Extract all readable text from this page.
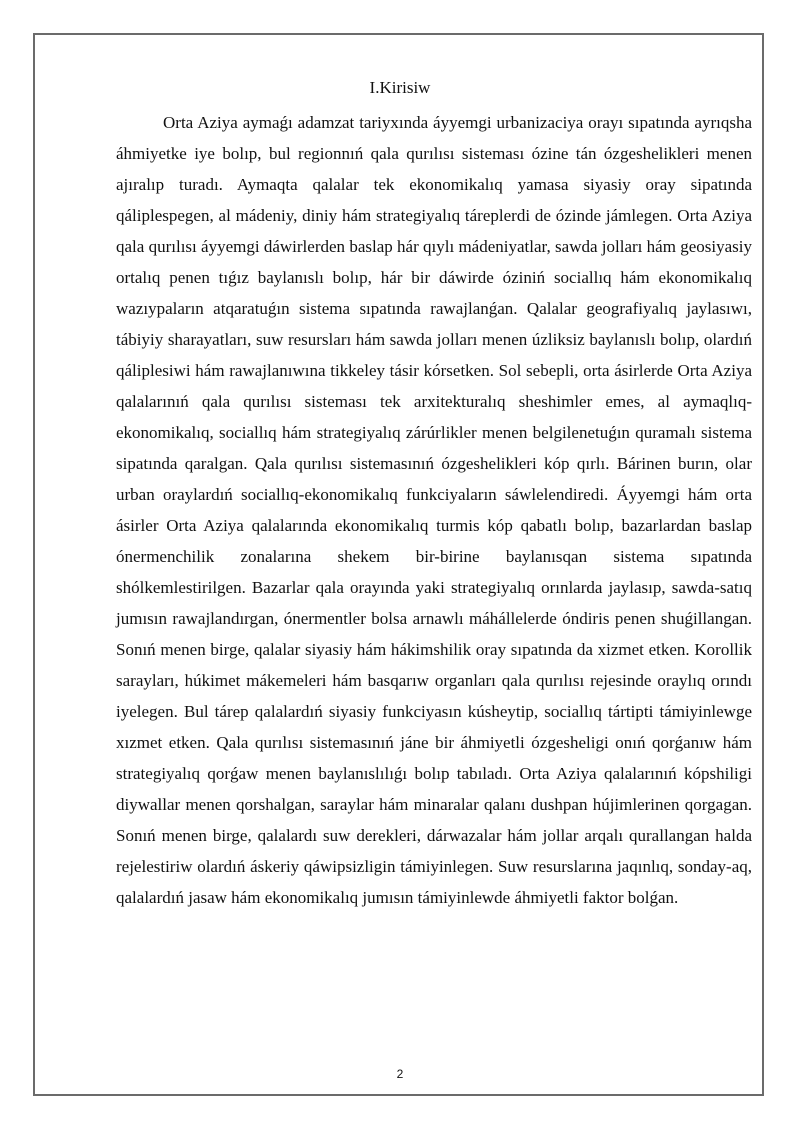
I.Kirisiw

Orta Aziya aymaǵı adamzat tariyxında áyyemgi urbanizaciya orayı sıpatında ayrıqsha áhmiyetke iye bolıp, bul regionnıń qala qurılısı sisteması ózine tán ózgeshelikleri menen ajıralıp turadı. Aymaqta qalalar tek ekonomikalıq yamasa siyasiy oray sipatında qáliplespegen, al mádeniy, diniy hám strategiyalıq táreplerdi de ózinde jámlegen. Orta Aziya qala qurılısı áyyemgi dáwirlerden baslap hár qıylı mádeniyatlar, sawda jolları hám geosiyasiy ortalıq penen tıǵız baylanıslı bolıp, hár bir dáwirde óziniń sociallıq hám ekonomikalıq wazıypaların atqaratuǵın sistema sıpatında rawajlanǵan. Qalalar geografiyalıq jaylasıwı, tábiyiy sharayatları, suw resursları hám sawda jolları menen úzliksiz baylanıslı bolıp, olardıń qáliplesiwi hám rawajlanıwına tikkeley tásir kórsetken. Sol sebepli, orta ásirlerde Orta Aziya qalalarınıń qala qurılısı sisteması tek arxitekturalıq sheshimler emes, al aymaqlıq-ekonomikalıq, sociallıq hám strategiyalıq zárúrlikler menen belgilenetuǵın quramalı sistema sipatında qaralgan. Qala qurılısı sistemasınıń ózgeshelikleri kóp qırlı. Bárinen burın, olar urban oraylardıń sociallıq-ekonomikalıq funkciyaların sáwlelendiredi. Áyyemgi hám orta ásirler Orta Aziya qalalarında ekonomikalıq turmis kóp qabatlı bolıp, bazarlardan baslap ónermenchilik zonalarına shekem bir-birine baylanısqan sistema sıpatında shólkemlestirilgen. Bazarlar qala orayında yaki strategiyalıq orınlarda jaylasıp, sawda-satıq jumısın rawajlandırgan, ónermentler bolsa arnawlı máhállelerde óndiris penen shuǵillangan. Sonıń menen birge, qalalar siyasiy hám hákimshilik oray sıpatında da xizmet etken. Korollik sarayları, húkimet mákemeleri hám basqarıw organları qala qurılısı rejesinde oraylıq orındı iyelegen. Bul tárep qalalardıń siyasiy funkciyasın kúsheytip, sociallıq tártipti támiyinlewge xızmet etken. Qala qurılısı sistemasınıń jáne bir áhmiyetli ózgesheligi onıń qorǵanıw hám strategiyalıq qorǵaw menen baylanıslılıǵı bolıp tabıladı. Orta Aziya qalalarınıń kópshiligi diywallar menen qorshalgan, saraylar hám minaralar qalanı dushpan hújimlerinen qorgagan. Sonıń menen birge, qalalardı suw derekleri, dárwazalar hám jollar arqalı qurallangan halda rejelestiriw olardıń áskeriy qáwipsizligin támiyinlegen. Suw resurslarına jaqınlıq, sonday-aq, qalalardıń jasaw hám ekonomikalıq jumısın támiyinlewde áhmiyetli faktor bolǵan.

2
